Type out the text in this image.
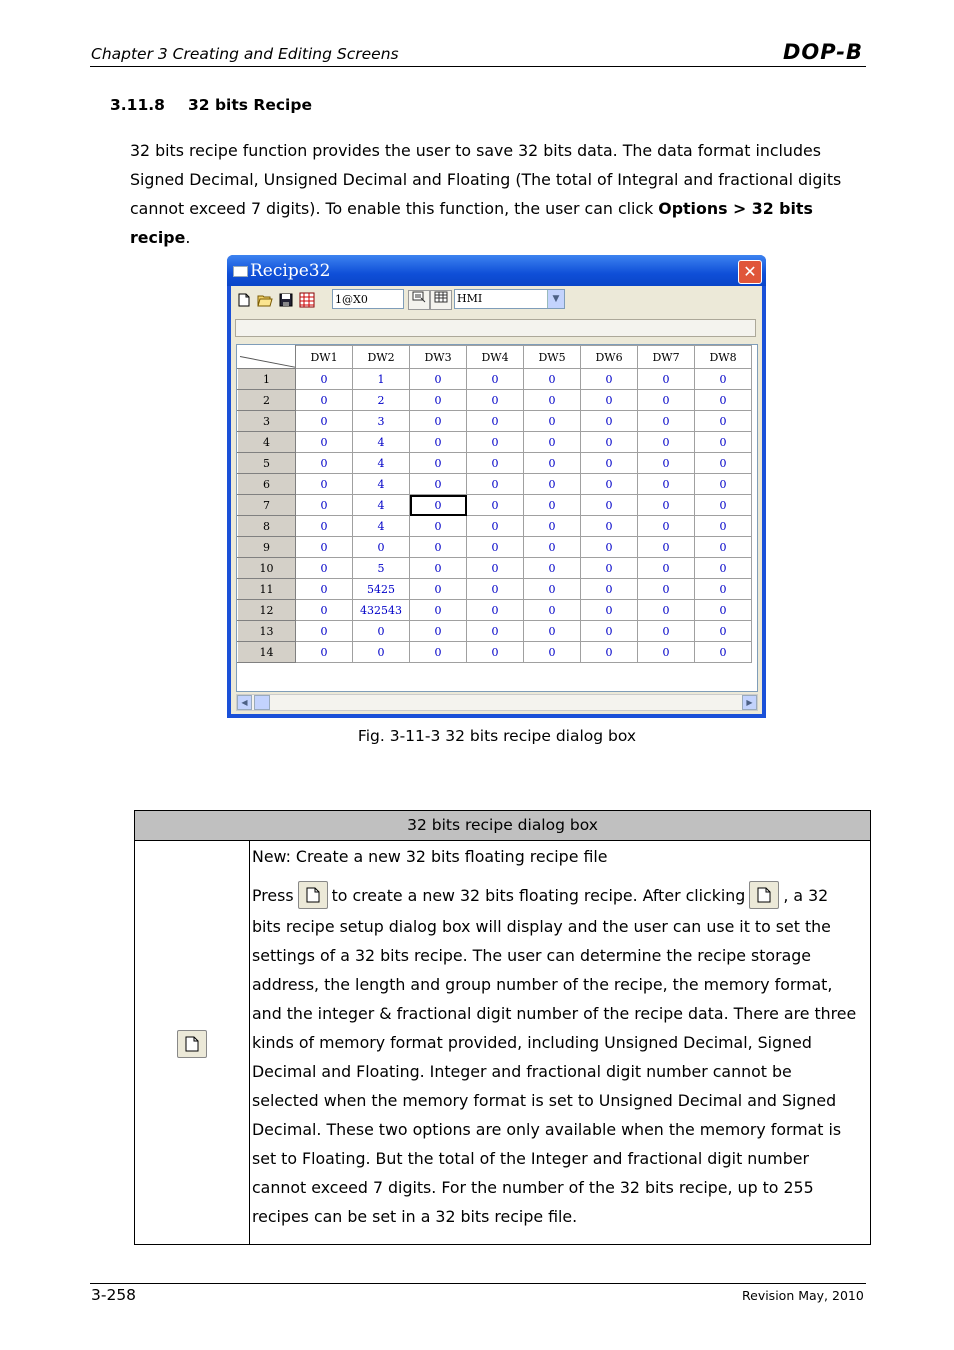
Chapter 3 Creating and Editing Screens	DOP-B
3.11.8 32 bits Recipe
32 bits recipe function provides the user to save 32 bits data. The data format includes
Signed Decimal, Unsigned Decimal and Floating (The total of Integral and fractional digits
cannot exceed 7 digits). To enable this function, the user can click Options > 32 bits
recipe.
Recipe32	✕
1@X0	HMI	▼
	DW1	DW2	DW3	DW4	DW5	DW6	DW7	DW8
1	0	1	0	0	0	0	0	0
2	0	2	0	0	0	0	0	0
3	0	3	0	0	0	0	0	0
4	0	4	0	0	0	0	0	0
5	0	4	0	0	0	0	0	0
6	0	4	0	0	0	0	0	0
7	0	4	0	0	0	0	0	0
8	0	4	0	0	0	0	0	0
9	0	0	0	0	0	0	0	0
10	0	5	0	0	0	0	0	0
11	0	5425	0	0	0	0	0	0
12	0	432543	0	0	0	0	0	0
13	0	0	0	0	0	0	0	0
14	0	0	0	0	0	0	0	0
◀	▶
Fig. 3-11-3 32 bits recipe dialog box
32 bits recipe dialog box
New: Create a new 32 bits floating recipe file
Press to create a new 32 bits floating recipe. After clicking , a 32
bits recipe setup dialog box will display and the user can use it to set the
settings of a 32 bits recipe. The user can determine the recipe storage
address, the length and group number of the recipe, the memory format,
and the integer & fractional digit number of the recipe data. There are three
kinds of memory format provided, including Unsigned Decimal, Signed
Decimal and Floating. Integer and fractional digit number cannot be
selected when the memory format is set to Unsigned Decimal and Signed
Decimal. These two options are only available when the memory format is
set to Floating. But the total of the Integer and fractional digit number
cannot exceed 7 digits. For the number of the 32 bits recipe, up to 255
recipes can be set in a 32 bits recipe file.
3-258	Revision May, 2010
